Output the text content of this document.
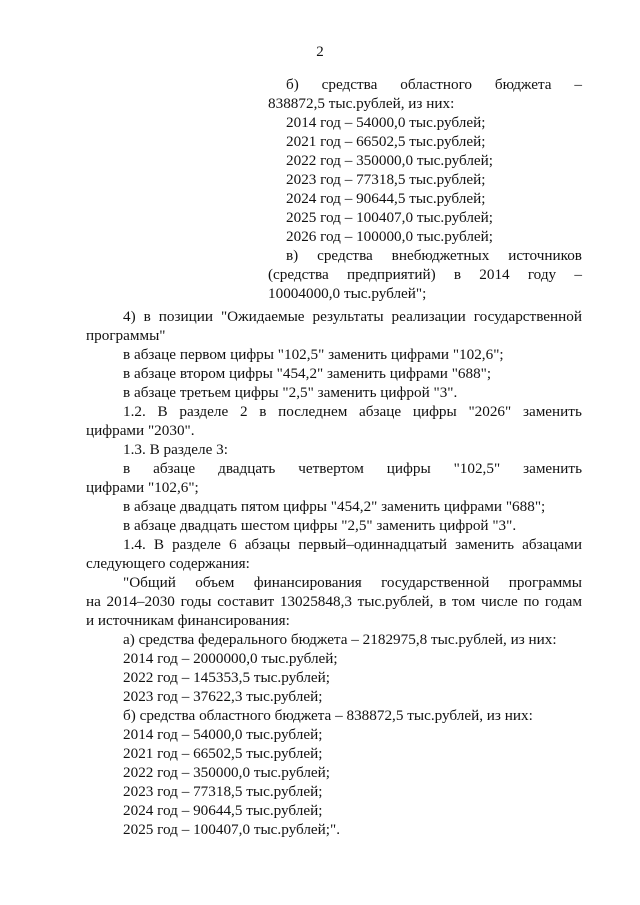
2
б) средства областного бюджета –
838872,5 тыс.рублей, из них:
2014 год – 54000,0 тыс.рублей;
2021 год – 66502,5 тыс.рублей;
2022 год – 350000,0 тыс.рублей;
2023 год – 77318,5 тыс.рублей;
2024 год – 90644,5 тыс.рублей;
2025 год – 100407,0 тыс.рублей;
2026 год – 100000,0 тыс.рублей;
в) средства внебюджетных источников
(средства предприятий) в 2014 году –
10004000,0 тыс.рублей";
4) в позиции "Ожидаемые результаты реализации государственной
программы"
в абзаце первом цифры "102,5" заменить цифрами "102,6";
в абзаце втором цифры "454,2" заменить цифрами "688";
в абзаце третьем цифры "2,5" заменить цифрой "3".
1.2. В разделе 2 в последнем абзаце цифры "2026" заменить
цифрами "2030".
1.3. В разделе 3:
в абзаце двадцать четвертом цифры "102,5" заменить
цифрами "102,6";
в абзаце двадцать пятом цифры "454,2" заменить цифрами "688";
в абзаце двадцать шестом цифры "2,5" заменить цифрой "3".
1.4. В разделе 6 абзацы первый–одиннадцатый заменить абзацами
следующего содержания:
"Общий объем финансирования государственной программы
на 2014–2030 годы составит 13025848,3 тыс.рублей, в том числе по годам
и источникам финансирования:
а) средства федерального бюджета – 2182975,8 тыс.рублей, из них:
2014 год – 2000000,0 тыс.рублей;
2022 год – 145353,5 тыс.рублей;
2023 год – 37622,3 тыс.рублей;
б) средства областного бюджета – 838872,5 тыс.рублей, из них:
2014 год – 54000,0 тыс.рублей;
2021 год – 66502,5 тыс.рублей;
2022 год – 350000,0 тыс.рублей;
2023 год – 77318,5 тыс.рублей;
2024 год – 90644,5 тыс.рублей;
2025 год – 100407,0 тыс.рублей;".
